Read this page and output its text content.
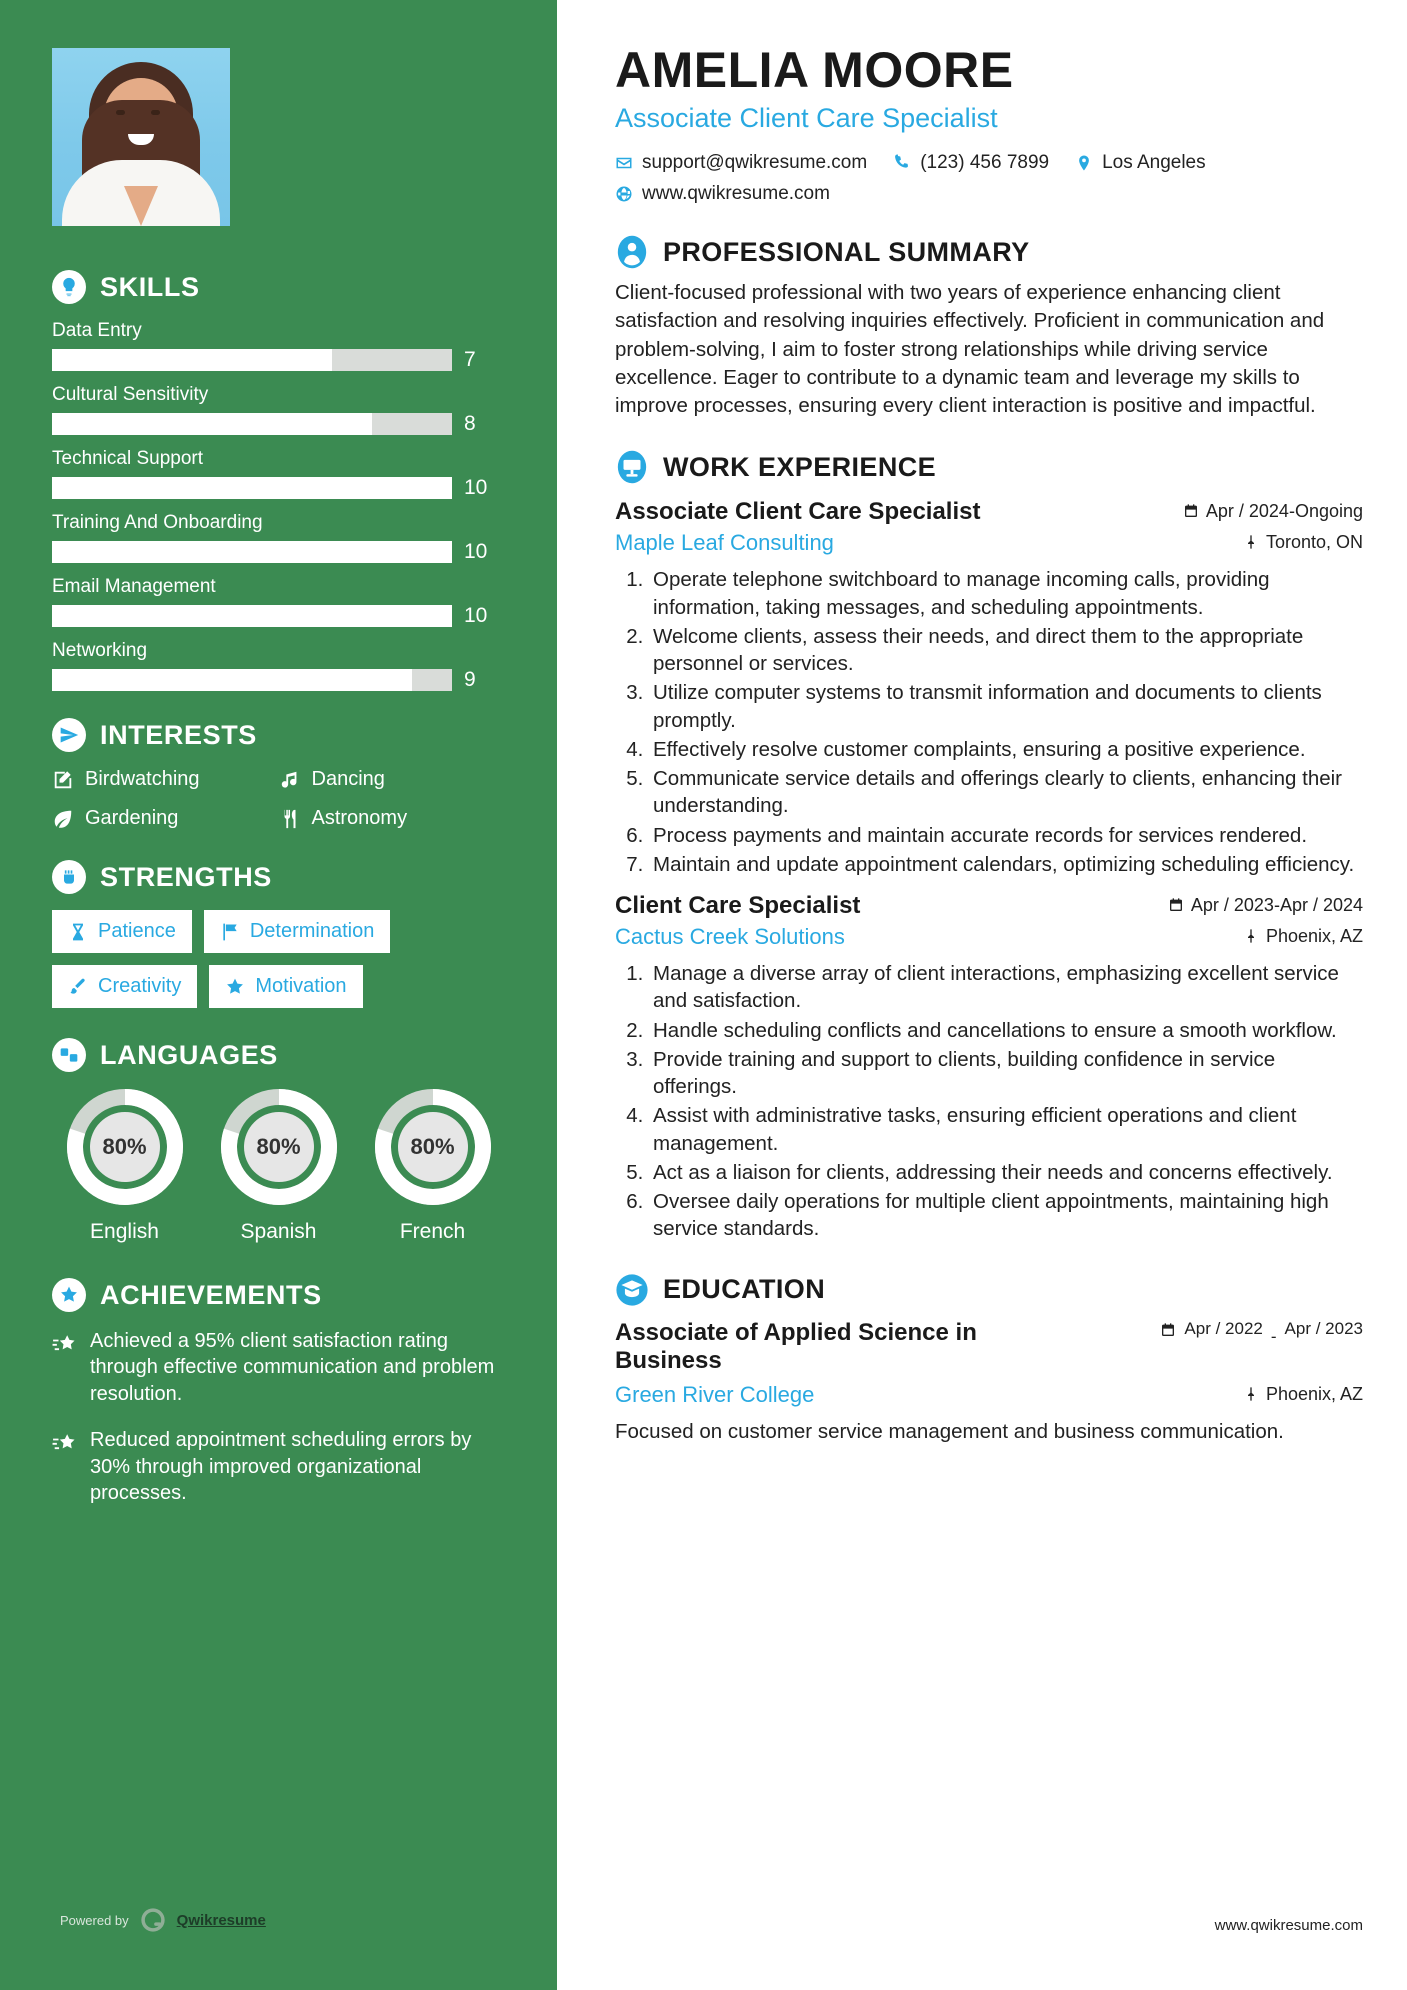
SKILLS
Data Entry
7
Cultural Sensitivity
8
Technical Support
10
Training And Onboarding
10
Email Management
10
Networking
9
INTERESTS
Birdwatching	Dancing
Gardening	Astronomy
STRENGTHS
Patience	Determination
Creativity	Motivation
LANGUAGES
80%
English
80%
Spanish
80%
French
ACHIEVEMENTS

Achieved a 95% client satisfaction rating through effective communication and problem resolution.

Reduced appointment scheduling errors by 30% through improved organizational processes.

Powered by	Qwikresume
AMELIA MOORE
Associate Client Care Specialist
support@qwikresume.com	(123) 456 7899	Los Angeles
www.qwikresume.com
PROFESSIONAL SUMMARY

Client-focused professional with two years of experience enhancing client satisfaction and resolving inquiries effectively. Proficient in communication and problem-solving, I aim to foster strong relationships while driving service excellence. Eager to contribute to a dynamic team and leverage my skills to improve processes, ensuring every client interaction is positive and impactful.

WORK EXPERIENCE
Associate Client Care Specialist	Apr / 2024-Ongoing
Maple Leaf Consulting	Toronto, ON
1. Operate telephone switchboard to manage incoming calls, providing information, taking messages, and scheduling appointments.
2. Welcome clients, assess their needs, and direct them to the appropriate personnel or services.
3. Utilize computer systems to transmit information and documents to clients promptly.
4. Effectively resolve customer complaints, ensuring a positive experience.
5. Communicate service details and offerings clearly to clients, enhancing their understanding.
6. Process payments and maintain accurate records for services rendered.
7. Maintain and update appointment calendars, optimizing scheduling efficiency.
Client Care Specialist	Apr / 2023-Apr / 2024
Cactus Creek Solutions	Phoenix, AZ
1. Manage a diverse array of client interactions, emphasizing excellent service and satisfaction.
2. Handle scheduling conflicts and cancellations to ensure a smooth workflow.
3. Provide training and support to clients, building confidence in service offerings.
4. Assist with administrative tasks, ensuring efficient operations and client management.
5. Act as a liaison for clients, addressing their needs and concerns effectively.
6. Oversee daily operations for multiple client appointments, maintaining high service standards.
EDUCATION
Associate of Applied Science in Business
Apr / 2022 - Apr / 2023
Green River College	Phoenix, AZ

Focused on customer service management and business communication.

www.qwikresume.com
